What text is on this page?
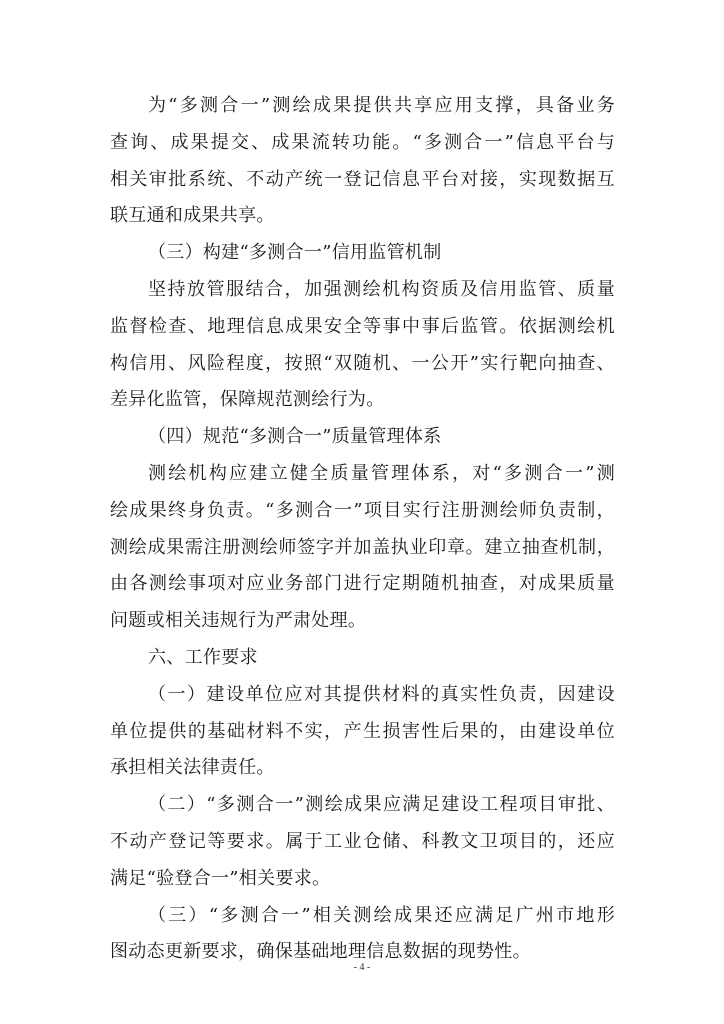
为“多测合一”测绘成果提供共享应用支撑，具备业务
查询、成果提交、成果流转功能。“多测合一”信息平台与
相关审批系统、不动产统一登记信息平台对接，实现数据互
联互通和成果共享。
（三）构建“多测合一”信用监管机制
坚持放管服结合，加强测绘机构资质及信用监管、质量
监督检查、地理信息成果安全等事中事后监管。依据测绘机
构信用、风险程度，按照“双随机、一公开”实行靶向抽查、
差异化监管，保障规范测绘行为。
（四）规范“多测合一”质量管理体系
测绘机构应建立健全质量管理体系，对“多测合一”测
绘成果终身负责。“多测合一”项目实行注册测绘师负责制，
测绘成果需注册测绘师签字并加盖执业印章。建立抽查机制，
由各测绘事项对应业务部门进行定期随机抽查，对成果质量
问题或相关违规行为严肃处理。
六、工作要求
（一）建设单位应对其提供材料的真实性负责，因建设
单位提供的基础材料不实，产生损害性后果的，由建设单位
承担相关法律责任。
（二）“多测合一”测绘成果应满足建设工程项目审批、
不动产登记等要求。属于工业仓储、科教文卫项目的，还应
满足“验登合一”相关要求。
（三）“多测合一”相关测绘成果还应满足广州市地形
图动态更新要求，确保基础地理信息数据的现势性。
- 4 -
